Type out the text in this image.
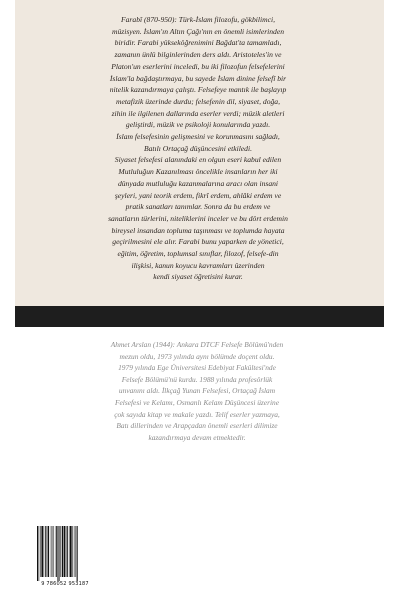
Farabî (870-950): Türk-İslam filozofu, gökbilimci,
müzisyen. İslam'ın Altın Çağı'nın en önemli isimlerinden
biridir. Farabi yükseköğrenimini Bağdat'ta tamamladı,
zamanın ünlü bilginlerinden ders aldı. Aristoteles'in ve
Platon'un eserlerini inceledi, bu iki filozofun felsefelerini
İslam'la bağdaştırmaya, bu sayede İslam dinine felsefî bir
nitelik kazandırmaya çalıştı. Felsefeye mantık ile başlayıp
metafizik üzerinde durdu; felsefenin dil, siyaset, doğa,
zihin ile ilgilenen dallarında eserler verdi; müzik aletleri
geliştirdi, müzik ve psikoloji konularında yazdı.
İslam felsefesinin gelişmesini ve korunmasını sağladı,
Batılı Ortaçağ düşüncesini etkiledi.
Siyaset felsefesi alanındaki en olgun eseri kabul edilen
Mutluluğun Kazanılması öncelikle insanların her iki
dünyada mutluluğu kazanmalarına aracı olan insani
şeyleri, yani teorik erdem, fikrî erdem, ahlâki erdem ve
pratik sanatları tanımlar. Sonra da bu erdem ve
sanatların türlerini, niteliklerini inceler ve bu dört erdemin
bireysel insandan topluma taşınması ve toplumda hayata
geçirilmesini ele alır. Farabi bunu yaparken de yönetici,
eğitim, öğretim, toplumsal sınıflar, filozof, felsefe-din
ilişkisi, kanun koyucu kavramları üzerinden
kendi siyaset öğretisini kurar.

Ahmet Arslan (1944): Ankara DTCF Felsefe Bölümü'nden
mezun oldu, 1973 yılında aynı bölümde doçent oldu.
1979 yılında Ege Üniversitesi Edebiyat Fakültesi'nde
Felsefe Bölümü'nü kurdu. 1988 yılında profesörlük
unvanını aldı. İlkçağ Yunan Felsefesi, Ortaçağ İslam
Felsefesi ve Kelamı, Osmanlı Kelam Düşüncesi üzerine
çok sayıda kitap ve makale yazdı. Telif eserler yazmaya,
Batı dillerinden ve Arapçadan önemli eserleri dilimize
kazandırmaya devam etmektedir.

9 786052 953187
